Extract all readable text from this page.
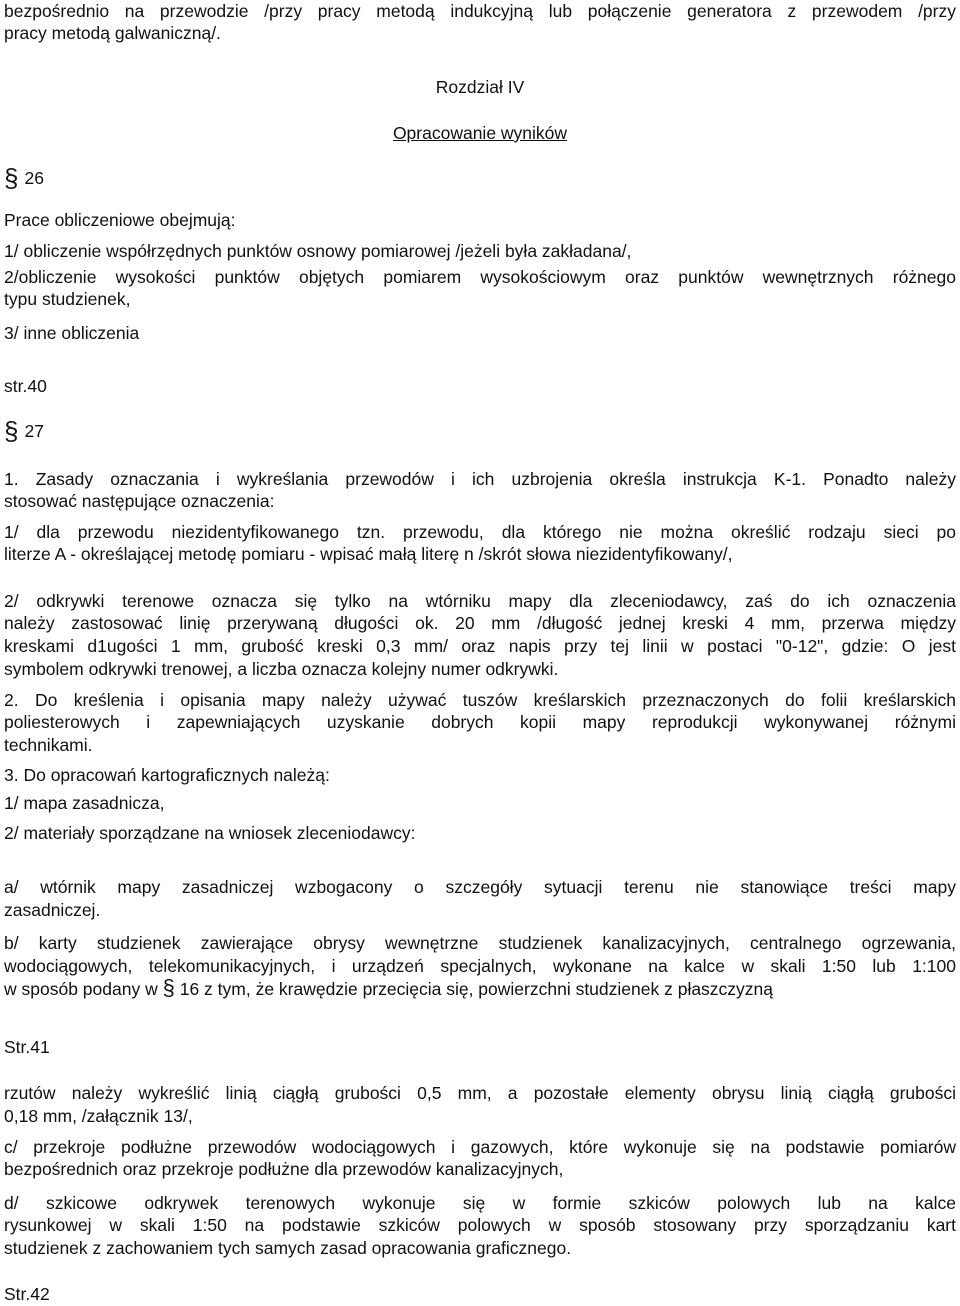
bezpośrednio na przewodzie /przy pracy metodą indukcyjną lub połączenie generatora z przewodem /przy
pracy metodą galwaniczną/.
Rozdział IV
Opracowanie wyników
§ 26
Prace obliczeniowe obejmują:
1/ obliczenie współrzędnych punktów osnowy pomiarowej /jeżeli była zakładana/,
2/obliczenie wysokości punktów objętych pomiarem wysokościowym oraz punktów wewnętrznych różnego
typu studzienek,
3/ inne obliczenia
str.40
§ 27
1. Zasady oznaczania i wykreślania przewodów i ich uzbrojenia określa instrukcja K-1. Ponadto należy
stosować następujące oznaczenia:
1/ dla przewodu niezidentyfikowanego tzn. przewodu, dla którego nie można określić rodzaju sieci po
literze A - określającej metodę pomiaru - wpisać małą literę n /skrót słowa niezidentyfikowany/,
2/ odkrywki terenowe oznacza się tylko na wtórniku mapy dla zleceniodawcy, zaś do ich oznaczenia
należy zastosować linię przerywaną długości ok. 20 mm /długość jednej kreski 4 mm, przerwa między
kreskami d1ugości 1 mm, grubość kreski 0,3 mm/ oraz napis przy tej linii w postaci "0-12", gdzie: O jest
symbolem odkrywki trenowej, a liczba oznacza kolejny numer odkrywki.
2. Do kreślenia i opisania mapy należy używać tuszów kreślarskich przeznaczonych do folii kreślarskich
poliesterowych i zapewniających uzyskanie dobrych kopii mapy reprodukcji wykonywanej różnymi
technikami.
3. Do opracowań kartograficznych należą:
1/ mapa zasadnicza,
2/ materiały sporządzane na wniosek zleceniodawcy:
a/ wtórnik mapy zasadniczej wzbogacony o szczegóły sytuacji terenu nie stanowiące treści mapy
zasadniczej.
b/ karty studzienek zawierające obrysy wewnętrzne studzienek kanalizacyjnych, centralnego ogrzewania,
wodociągowych, telekomunikacyjnych, i urządzeń specjalnych, wykonane na kalce w skali 1:50 lub 1:100
w sposób podany w § 16 z tym, że krawędzie przecięcia się, powierzchni studzienek z płaszczyzną
Str.41
rzutów należy wykreślić linią ciągłą grubości 0,5 mm, a pozostałe elementy obrysu linią ciągłą grubości
0,18 mm, /załącznik 13/,
c/ przekroje podłużne przewodów wodociągowych i gazowych, które wykonuje się na podstawie pomiarów
bezpośrednich oraz przekroje podłużne dla przewodów kanalizacyjnych,
d/ szkicowe odkrywek terenowych wykonuje się w formie szkiców polowych lub na kalce
rysunkowej w skali 1:50 na podstawie szkiców polowych w sposób stosowany przy sporządzaniu kart
studzienek z zachowaniem tych samych zasad opracowania graficznego.
Str.42
